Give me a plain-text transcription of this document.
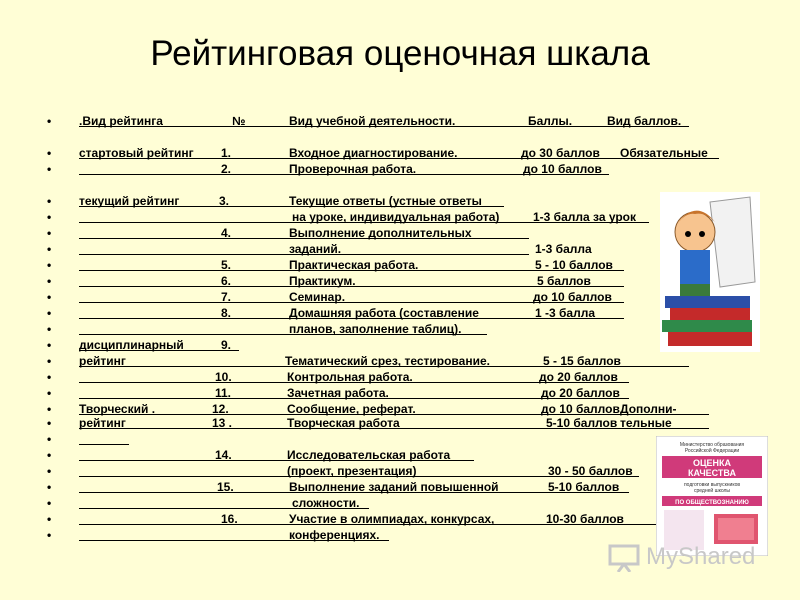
Рейтинговая оценочная шкала
• .Вид рейтинга	№	Вид учебной деятельности.	Баллы.	Вид баллов.
• стартовый рейтинг 1.	Входное диагностирование.	до 30 баллов Обязательные
•	2.	Проверочная работа.	до 10 баллов
• текущий рейтинг	3.	Текущие ответы (устные ответы
•	на уроке, индивидуальная работа)	1-3 балла за урок
•	4.	Выполнение дополнительных
•	заданий.	1-3 балла
•	5.	Практическая работа.	5 - 10 баллов
•	6.	Практикум.	5 баллов
•	7.	Семинар.	до 10 баллов
•	8.	Домашняя работа (составление	1 -3 балла
•	планов, заполнение таблиц).
• дисциплинарный	9.
• рейтинг	Тематический срез, тестирование.	5 - 15 баллов
•	10.	Контрольная работа.	до 20 баллов
•	11.	Зачетная работа.	до 20 баллов
• Творческий .	12.	Сообщение, реферат.	до 10 баллов Дополни-
• рейтинг	13 .	Творческая работа	5-10 баллов тельные
•
•	14.	Исследовательская работа
•	(проект, презентация)	30 - 50 баллов
•	15.	Выполнение заданий повышенной	5-10 баллов
•	сложности.
•	16.	Участие в олимпиадах, конкурсах,	10-30 баллов
•	конференциях.
Министерство образования
Российской Федерации
ОЦЕНКА
КАЧЕСТВА
подготовки выпускников
средней школы
ПО ОБЩЕСТВОЗНАНИЮ
MyShared
